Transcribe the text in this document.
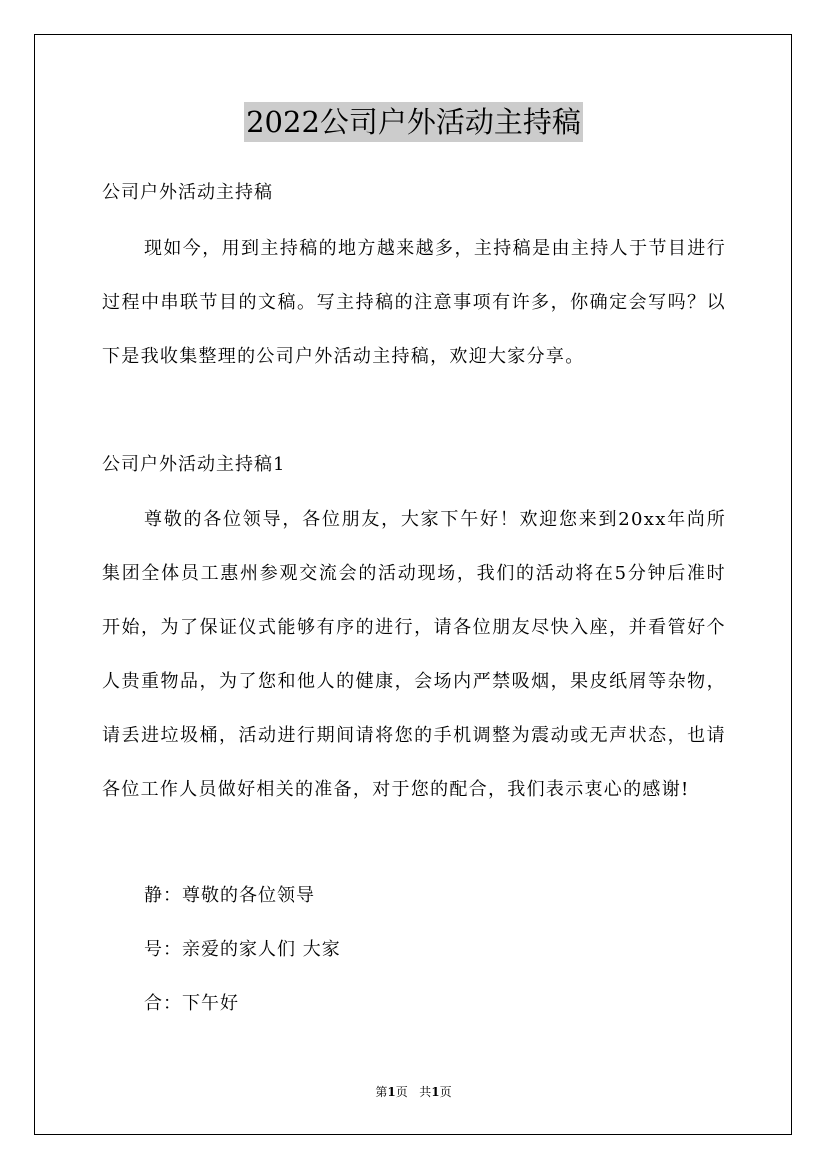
2022公司户外活动主持稿

公司户外活动主持稿

现如今，用到主持稿的地方越来越多，主持稿是由主持人于节目进行过程中串联节目的文稿。写主持稿的注意事项有许多，你确定会写吗？以下是我收集整理的公司户外活动主持稿，欢迎大家分享。

公司户外活动主持稿1

尊敬的各位领导，各位朋友，大家下午好！欢迎您来到20xx年尚所集团全体员工惠州参观交流会的活动现场，我们的活动将在5分钟后准时开始，为了保证仪式能够有序的进行，请各位朋友尽快入座，并看管好个人贵重物品，为了您和他人的健康，会场内严禁吸烟，果皮纸屑等杂物，请丢进垃圾桶，活动进行期间请将您的手机调整为震动或无声状态，也请各位工作人员做好相关的准备，对于您的配合，我们表示衷心的感谢!

静：尊敬的各位领导

号：亲爱的家人们 大家

合：下午好

第1页   共1页
